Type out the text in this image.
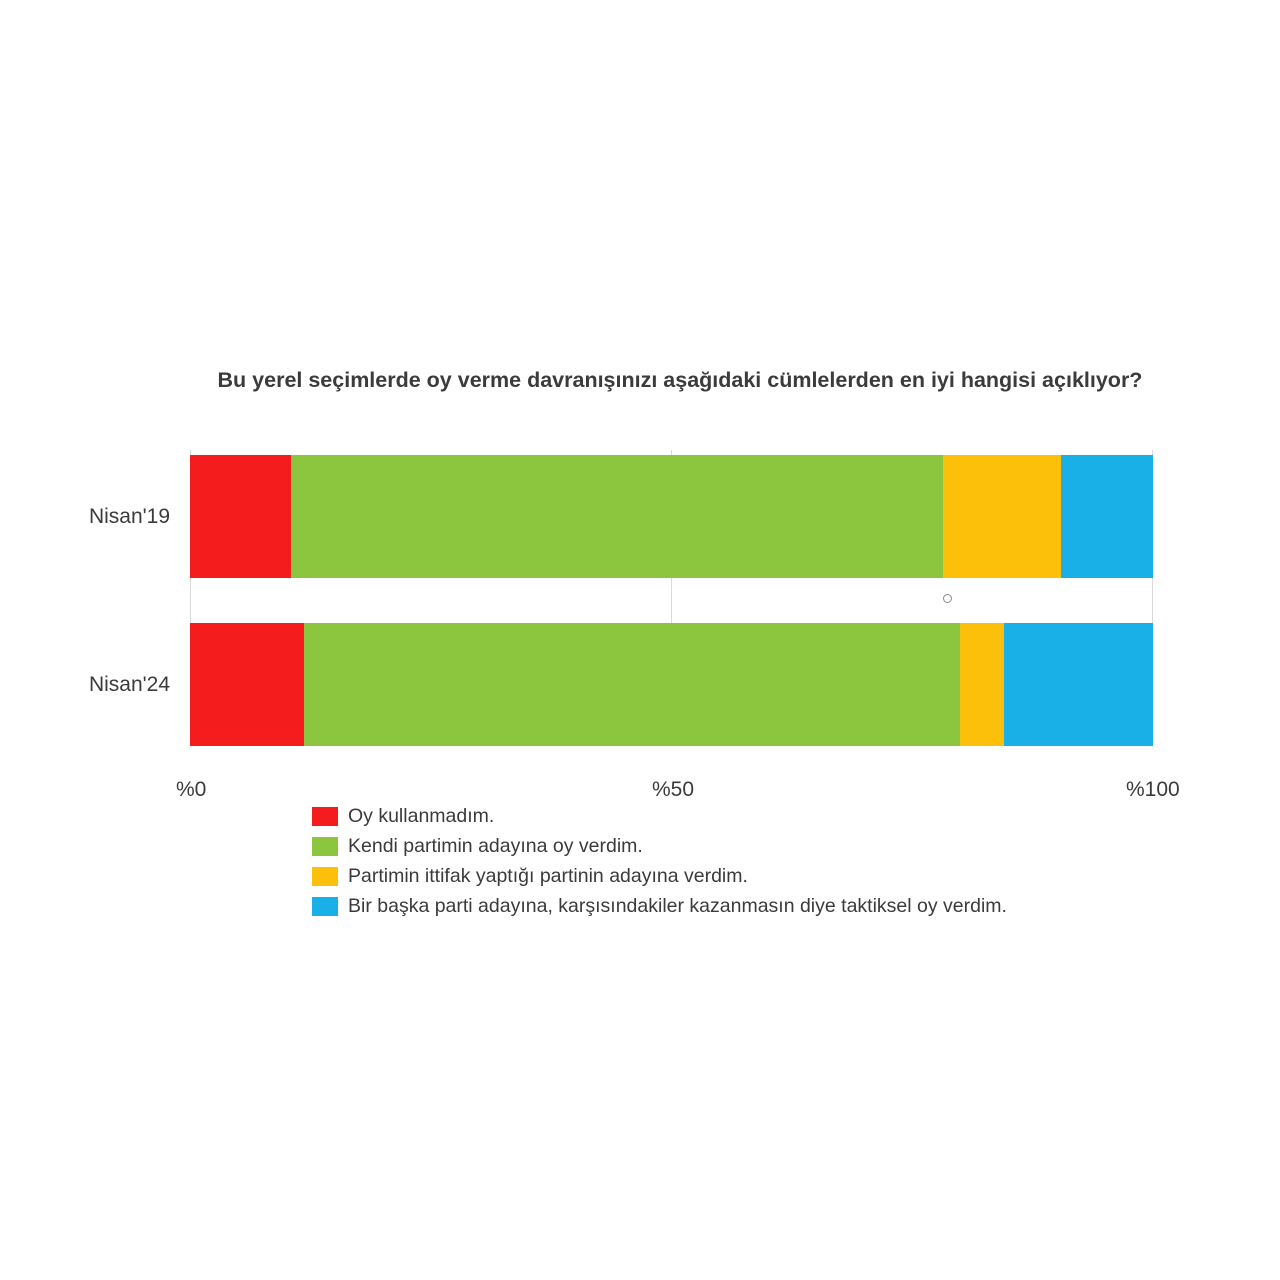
Bu yerel seçimlerde oy verme davranışınızı aşağıdaki cümlelerden en iyi hangisi açıklıyor?
Nisan'19
Nisan'24
%0	%50	%100
Oy kullanmadım.
Kendi partimin adayına oy verdim.
Partimin ittifak yaptığı partinin adayına verdim.
Bir başka parti adayına, karşısındakiler kazanmasın diye taktiksel oy verdim.
